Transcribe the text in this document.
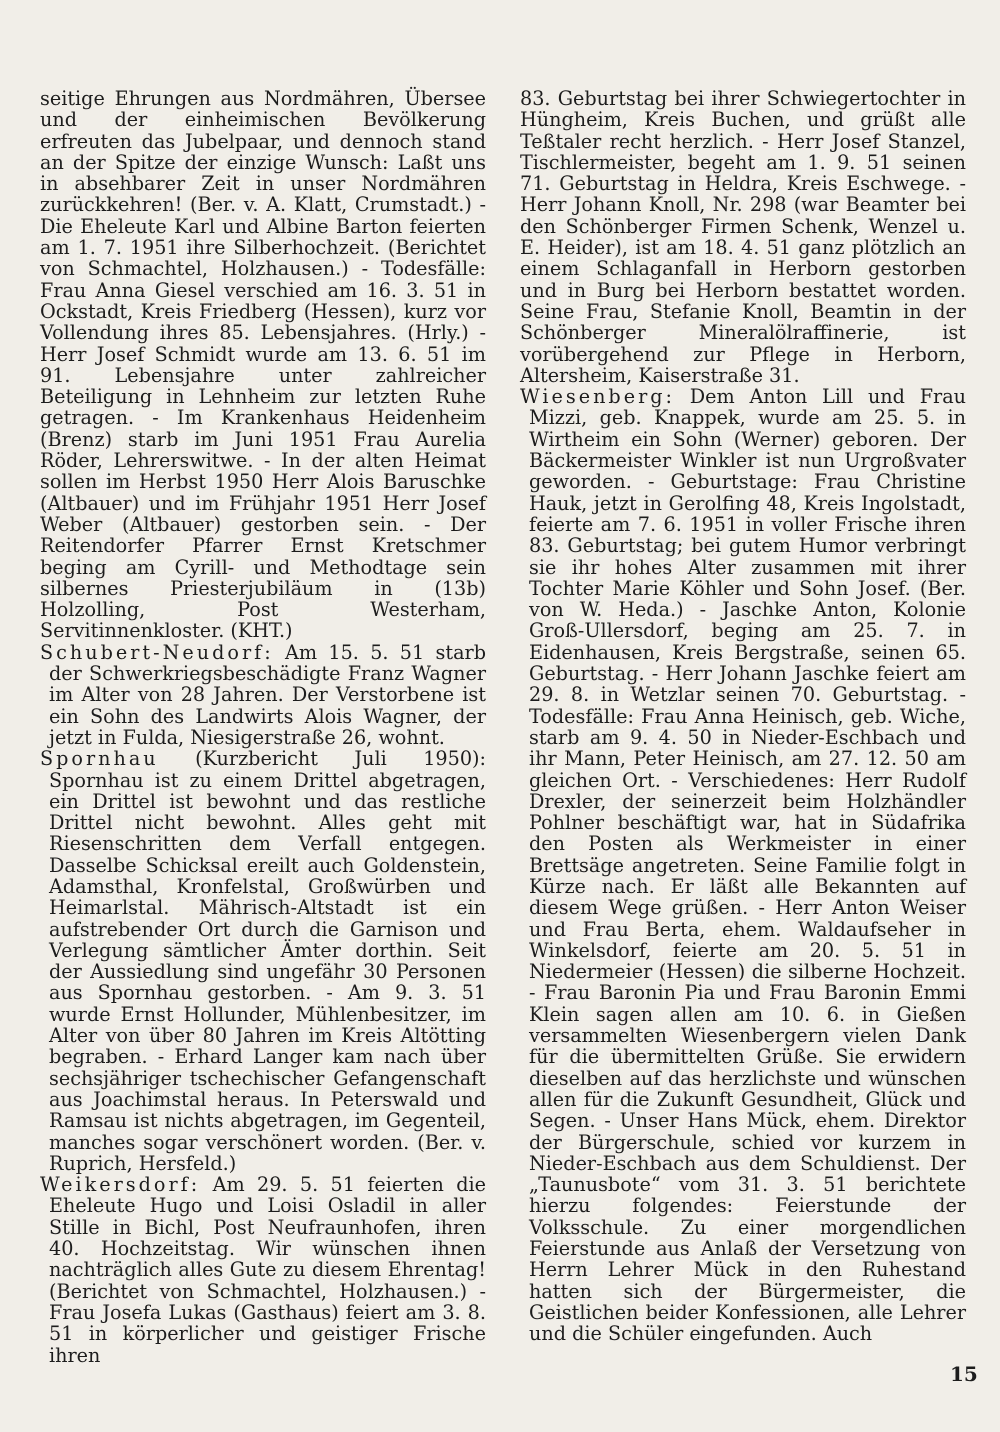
seitige Ehrungen aus Nordmähren, Übersee und der einheimischen Bevölkerung erfreuten das Jubelpaar, und dennoch stand an der Spitze der einzige Wunsch: Laßt uns in absehbarer Zeit in unser Nordmähren zurückkehren! (Ber. v. A. Klatt, Crumstadt.) - Die Eheleute Karl und Albine Barton feierten am 1. 7. 1951 ihre Silberhochzeit. (Berichtet von Schmachtel, Holzhausen.) - Todesfälle: Frau Anna Giesel verschied am 16. 3. 51 in Ockstadt, Kreis Friedberg (Hessen), kurz vor Vollendung ihres 85. Lebensjahres. (Hrly.) - Herr Josef Schmidt wurde am 13. 6. 51 im 91. Lebensjahre unter zahlreicher Beteiligung in Lehnheim zur letzten Ruhe getragen. - Im Krankenhaus Heidenheim (Brenz) starb im Juni 1951 Frau Aurelia Röder, Lehrerswitwe. - In der alten Heimat sollen im Herbst 1950 Herr Alois Baruschke (Altbauer) und im Frühjahr 1951 Herr Josef Weber (Altbauer) gestorben sein. - Der Reitendorfer Pfarrer Ernst Kretschmer beging am Cyrill- und Methodtage sein silbernes Priesterjubiläum in (13b) Holzolling, Post Westerham, Servitinnenkloster. (KHT.)

Schubert-Neudorf: Am 15. 5. 51 starb der Schwerkriegsbeschädigte Franz Wagner im Alter von 28 Jahren. Der Verstorbene ist ein Sohn des Landwirts Alois Wagner, der jetzt in Fulda, Niesigerstraße 26, wohnt.

Spornhau (Kurzbericht Juli 1950): Spornhau ist zu einem Drittel abgetragen, ein Drittel ist bewohnt und das restliche Drittel nicht bewohnt. Alles geht mit Riesenschritten dem Verfall entgegen. Dasselbe Schicksal ereilt auch Goldenstein, Adamsthal, Kronfelstal, Großwürben und Heimarlstal. Mährisch-Altstadt ist ein aufstrebender Ort durch die Garnison und Verlegung sämtlicher Ämter dorthin. Seit der Aussiedlung sind ungefähr 30 Personen aus Spornhau gestorben. - Am 9. 3. 51 wurde Ernst Hollunder, Mühlenbesitzer, im Alter von über 80 Jahren im Kreis Altötting begraben. - Erhard Langer kam nach über sechsjähriger tschechischer Gefangenschaft aus Joachimstal heraus. In Peterswald und Ramsau ist nichts abgetragen, im Gegenteil, manches sogar verschönert worden. (Ber. v. Ruprich, Hersfeld.)

Weikersdorf: Am 29. 5. 51 feierten die Eheleute Hugo und Loisi Osladil in aller Stille in Bichl, Post Neufraunhofen, ihren 40. Hochzeitstag. Wir wünschen ihnen nachträglich alles Gute zu diesem Ehrentag! (Berichtet von Schmachtel, Holzhausen.) - Frau Josefa Lukas (Gasthaus) feiert am 3. 8. 51 in körperlicher und geistiger Frische ihren

83. Geburtstag bei ihrer Schwiegertochter in Hüngheim, Kreis Buchen, und grüßt alle Teßtaler recht herzlich. - Herr Josef Stanzel, Tischlermeister, begeht am 1. 9. 51 seinen 71. Geburtstag in Heldra, Kreis Eschwege. - Herr Johann Knoll, Nr. 298 (war Beamter bei den Schönberger Firmen Schenk, Wenzel u. E. Heider), ist am 18. 4. 51 ganz plötzlich an einem Schlaganfall in Herborn gestorben und in Burg bei Herborn bestattet worden. Seine Frau, Stefanie Knoll, Beamtin in der Schönberger Mineralölraffinerie, ist vorübergehend zur Pflege in Herborn, Altersheim, Kaiserstraße 31.

Wiesenberg: Dem Anton Lill und Frau Mizzi, geb. Knappek, wurde am 25. 5. in Wirtheim ein Sohn (Werner) geboren. Der Bäckermeister Winkler ist nun Urgroßvater geworden. - Geburtstage: Frau Christine Hauk, jetzt in Gerolfing 48, Kreis Ingolstadt, feierte am 7. 6. 1951 in voller Frische ihren 83. Geburtstag; bei gutem Humor verbringt sie ihr hohes Alter zusammen mit ihrer Tochter Marie Köhler und Sohn Josef. (Ber. von W. Heda.) - Jaschke Anton, Kolonie Groß-Ullersdorf, beging am 25. 7. in Eidenhausen, Kreis Bergstraße, seinen 65. Geburtstag. - Herr Johann Jaschke feiert am 29. 8. in Wetzlar seinen 70. Geburtstag. - Todesfälle: Frau Anna Heinisch, geb. Wiche, starb am 9. 4. 50 in Nieder-Eschbach und ihr Mann, Peter Heinisch, am 27. 12. 50 am gleichen Ort. - Verschiedenes: Herr Rudolf Drexler, der seinerzeit beim Holzhändler Pohlner beschäftigt war, hat in Südafrika den Posten als Werkmeister in einer Brettsäge angetreten. Seine Familie folgt in Kürze nach. Er läßt alle Bekannten auf diesem Wege grüßen. - Herr Anton Weiser und Frau Berta, ehem. Waldaufseher in Winkelsdorf, feierte am 20. 5. 51 in Niedermeier (Hessen) die silberne Hochzeit. - Frau Baronin Pia und Frau Baronin Emmi Klein sagen allen am 10. 6. in Gießen versammelten Wiesenbergern vielen Dank für die übermittelten Grüße. Sie erwidern dieselben auf das herzlichste und wünschen allen für die Zukunft Gesundheit, Glück und Segen. - Unser Hans Mück, ehem. Direktor der Bürgerschule, schied vor kurzem in Nieder-Eschbach aus dem Schuldienst. Der „Taunusbote“ vom 31. 3. 51 berichtete hierzu folgendes: Feierstunde der Volksschule. Zu einer morgendlichen Feierstunde aus Anlaß der Versetzung von Herrn Lehrer Mück in den Ruhestand hatten sich der Bürgermeister, die Geistlichen beider Konfessionen, alle Lehrer und die Schüler eingefunden. Auch

15
